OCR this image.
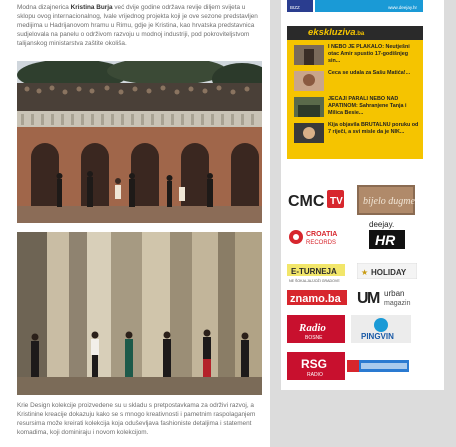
Modna dizajnerica Kristina Burja već dvije godine održava revije diljem svijeta u sklopu ovog internacionalnog, Ivale vrijednog projekta koji je ove sezone predstavljen medijima u Hadrijanovom hramu u Rimu, gdje je Kristina, kao hrvatska predstavnica sudjelovala na panelu o održivom razvoju u modnoj industriji, pod pokroviteljstvom talijanskog ministarstva zaštite okoliša.

Krie Design kolekcije proizvedene su u skladu s pretpostavkama za održivi razvoj, a Kristinine kreacije dokazuju kako se s mnogo kreativnosti i pametnim raspolaganjem resursima može kreirati kolekcija koja oduševljava fashioniste detaljima i statement komadima, koji dominiraju i novom kolekcijom.

BIZZ	www.deejay.hr
ekskluziva.ba
I NEBO JE PLAKALO: Neutješni otac Amir spustio 17-godišnjeg sin...
Ceca se udala za Sašu Matića!...
JECAJI PARALI NEBO NAD APATINOM: Sahranjene Tanja i Milica Besie...
Kija objavila BRUTALNU poruku od 7 riječi, a svi misle da je NIK...
CMC TV bijelo dugme
CROATIA
RECORDS
deejay.
HR
E-TURNEJA
NE ŠOKALJAJJOŽI GRADOVE
★ HOLIDAY
znamo.ba U
M urban
magazin
Radio
BOSNE	PINGVIN
RSG
RADIO
